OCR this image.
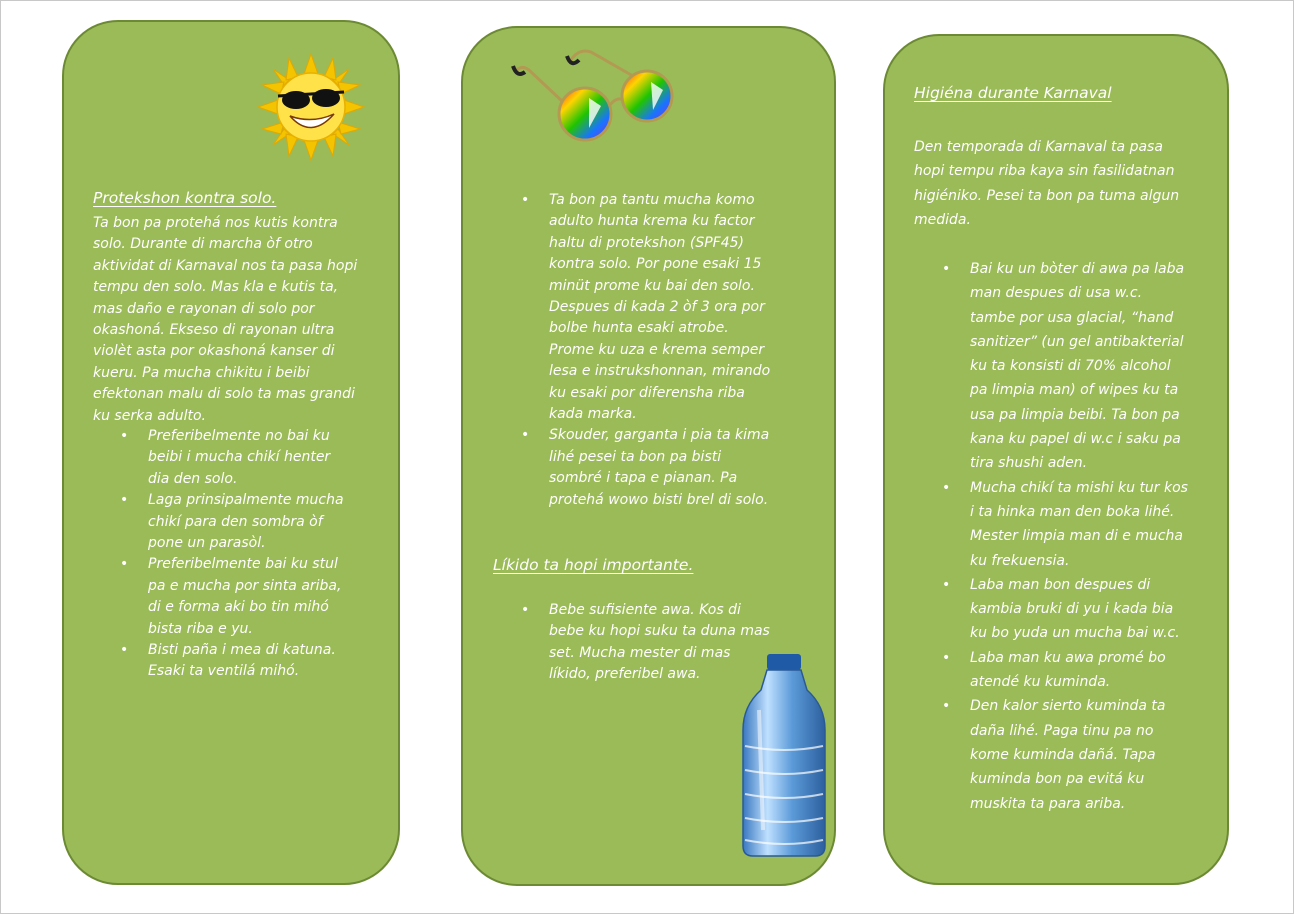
Protekshon kontra solo.
Ta bon pa protehá nos kutis kontra solo. Durante di marcha òf otro aktividat di Karnaval nos ta pasa hopi tempu den solo. Mas kla e kutis ta, mas daño e rayonan di solo por okashoná. Ekseso di rayonan ultra violèt asta por okashoná kanser di kueru. Pa mucha chikitu i beibi efektonan malu di solo ta mas grandi ku serka adulto.
• Preferibelmente no bai ku beibi i mucha chikí henter dia den solo.
• Laga prinsipalmente mucha chikí para den sombra òf pone un parasòl.
• Preferibelmente bai ku stul pa e mucha por sinta ariba, di e forma aki bo tin mihó bista riba e yu.
• Bisti paña i mea di katuna. Esaki ta ventilá mihó.
• Ta bon pa tantu mucha komo adulto hunta krema ku factor haltu di protekshon (SPF45) kontra solo. Por pone esaki 15 minüt prome ku bai den solo. Despues di kada 2 òf 3 ora por bolbe hunta esaki atrobe. Prome ku uza e krema semper lesa e instrukshonnan, mirando ku esaki por diferensha riba kada marka.
• Skouder, garganta i pia ta kima lihé pesei ta bon pa bisti sombré i tapa e pianan. Pa protehá wowo bisti brel di solo.
Líkido ta hopi importante.
• Bebe sufisiente awa. Kos di bebe ku hopi suku ta duna mas set. Mucha mester di mas líkido, preferibel awa.
Higiéna durante Karnaval
Den temporada di Karnaval ta pasa hopi tempu riba kaya sin fasilidatnan higiéniko. Pesei ta bon pa tuma algun medida.
• Bai ku un bòter di awa pa laba man despues di usa w.c. tambe por usa glacial, “hand sanitizer” (un gel antibakterial ku ta konsisti di 70% alcohol pa limpia man) of wipes ku ta usa pa limpia beibi. Ta bon pa kana ku papel di w.c i saku pa tira shushi aden.
• Mucha chikí ta mishi ku tur kos i ta hinka man den boka lihé. Mester limpia man di e mucha ku frekuensia.
• Laba man bon despues di kambia bruki di yu i kada bia ku bo yuda un mucha bai w.c.
• Laba man ku awa promé bo atendé ku kuminda.
• Den kalor sierto kuminda ta daña lihé. Paga tinu pa no kome kuminda dañá. Tapa kuminda bon pa evitá ku muskita ta para ariba.
